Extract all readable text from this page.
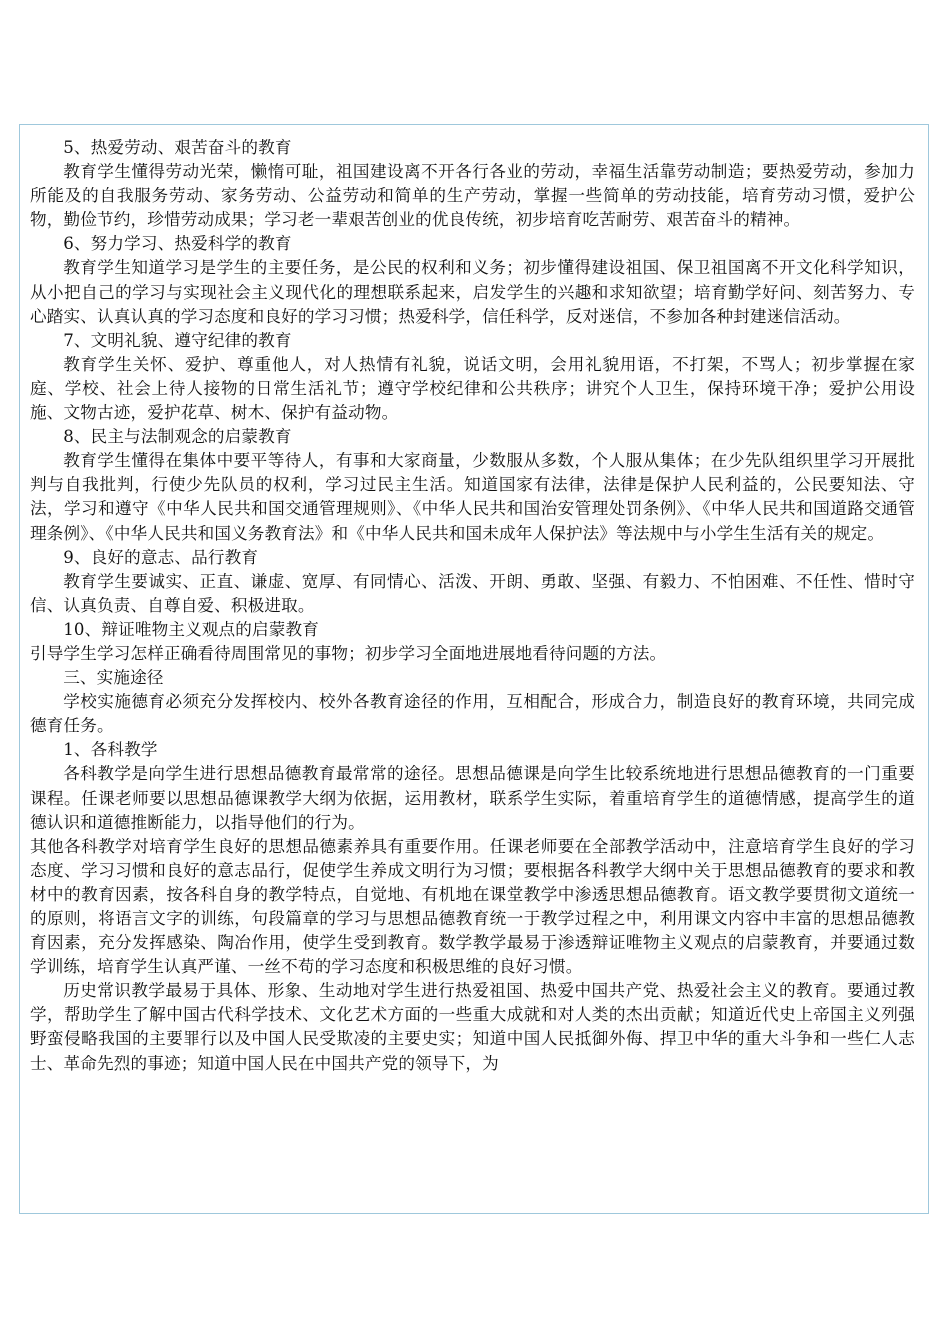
5、热爱劳动、艰苦奋斗的教育

教育学生懂得劳动光荣，懒惰可耻，祖国建设离不开各行各业的劳动，幸福生活靠劳动制造；要热爱劳动，参加力所能及的自我服务劳动、家务劳动、公益劳动和简单的生产劳动，掌握一些简单的劳动技能，培育劳动习惯，爱护公物，勤俭节约，珍惜劳动成果；学习老一辈艰苦创业的优良传统，初步培育吃苦耐劳、艰苦奋斗的精神。

6、努力学习、热爱科学的教育

教育学生知道学习是学生的主要任务，是公民的权利和义务；初步懂得建设祖国、保卫祖国离不开文化科学知识，从小把自己的学习与实现社会主义现代化的理想联系起来，启发学生的兴趣和求知欲望；培育勤学好问、刻苦努力、专心踏实、认真认真的学习态度和良好的学习习惯；热爱科学，信任科学，反对迷信，不参加各种封建迷信活动。

7、文明礼貌、遵守纪律的教育

教育学生关怀、爱护、尊重他人，对人热情有礼貌，说话文明，会用礼貌用语，不打架，不骂人；初步掌握在家庭、学校、社会上待人接物的日常生活礼节；遵守学校纪律和公共秩序；讲究个人卫生，保持环境干净；爱护公用设施、文物古迹，爱护花草、树木、保护有益动物。

8、民主与法制观念的启蒙教育

教育学生懂得在集体中要平等待人，有事和大家商量，少数服从多数，个人服从集体；在少先队组织里学习开展批判与自我批判，行使少先队员的权利，学习过民主生活。知道国家有法律，法律是保护人民利益的，公民要知法、守法，学习和遵守《中华人民共和国交通管理规则》、《中华人民共和国治安管理处罚条例》、《中华人民共和国道路交通管理条例》、《中华人民共和国义务教育法》和《中华人民共和国未成年人保护法》等法规中与小学生生活有关的规定。

9、良好的意志、品行教育

教育学生要诚实、正直、谦虚、宽厚、有同情心、活泼、开朗、勇敢、坚强、有毅力、不怕困难、不任性、惜时守信、认真负责、自尊自爱、积极进取。

10、辩证唯物主义观点的启蒙教育

引导学生学习怎样正确看待周围常见的事物；初步学习全面地进展地看待问题的方法。

三、实施途径

学校实施德育必须充分发挥校内、校外各教育途径的作用，互相配合，形成合力，制造良好的教育环境，共同完成德育任务。

1、各科教学

各科教学是向学生进行思想品德教育最常常的途径。思想品德课是向学生比较系统地进行思想品德教育的一门重要课程。任课老师要以思想品德课教学大纲为依据，运用教材，联系学生实际，着重培育学生的道德情感，提高学生的道德认识和道德推断能力，以指导他们的行为。

其他各科教学对培育学生良好的思想品德素养具有重要作用。任课老师要在全部教学活动中，注意培育学生良好的学习态度、学习习惯和良好的意志品行，促使学生养成文明行为习惯；要根据各科教学大纲中关于思想品德教育的要求和教材中的教育因素，按各科自身的教学特点，自觉地、有机地在课堂教学中渗透思想品德教育。语文教学要贯彻文道统一的原则，将语言文字的训练，句段篇章的学习与思想品德教育统一于教学过程之中，利用课文内容中丰富的思想品德教育因素，充分发挥感染、陶冶作用，使学生受到教育。数学教学最易于渗透辩证唯物主义观点的启蒙教育，并要通过数学训练，培育学生认真严谨、一丝不苟的学习态度和积极思维的良好习惯。

历史常识教学最易于具体、形象、生动地对学生进行热爱祖国、热爱中国共产党、热爱社会主义的教育。要通过教学，帮助学生了解中国古代科学技术、文化艺术方面的一些重大成就和对人类的杰出贡献；知道近代史上帝国主义列强野蛮侵略我国的主要罪行以及中国人民受欺凌的主要史实；知道中国人民抵御外侮、捍卫中华的重大斗争和一些仁人志士、革命先烈的事迹；知道中国人民在中国共产党的领导下，为
